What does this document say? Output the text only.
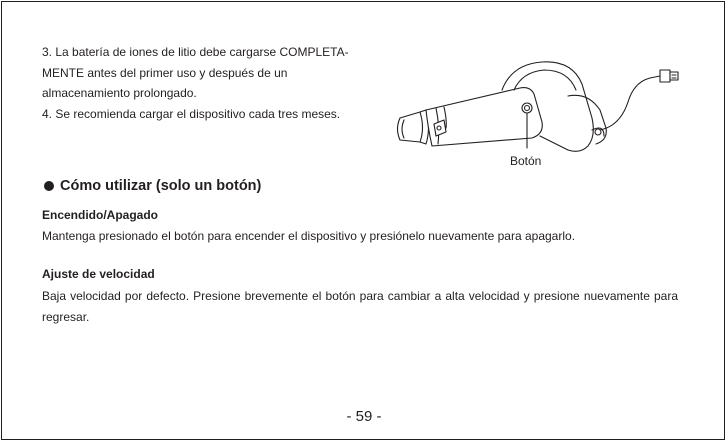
3. La batería de iones de litio debe cargarse COMPLETA-

MENTE antes del primer uso y después de un

almacenamiento prolongado.

4. Se recomienda cargar el dispositivo cada tres meses.

Botón
Cómo utilizar (solo un botón)
Encendido/Apagado
Mantenga presionado el botón para encender el dispositivo y presiónelo nuevamente para apagarlo.
Ajuste de velocidad
Baja velocidad por defecto. Presione brevemente el botón para cambiar a alta velocidad y presione nuevamente para regresar.
- 59 -
